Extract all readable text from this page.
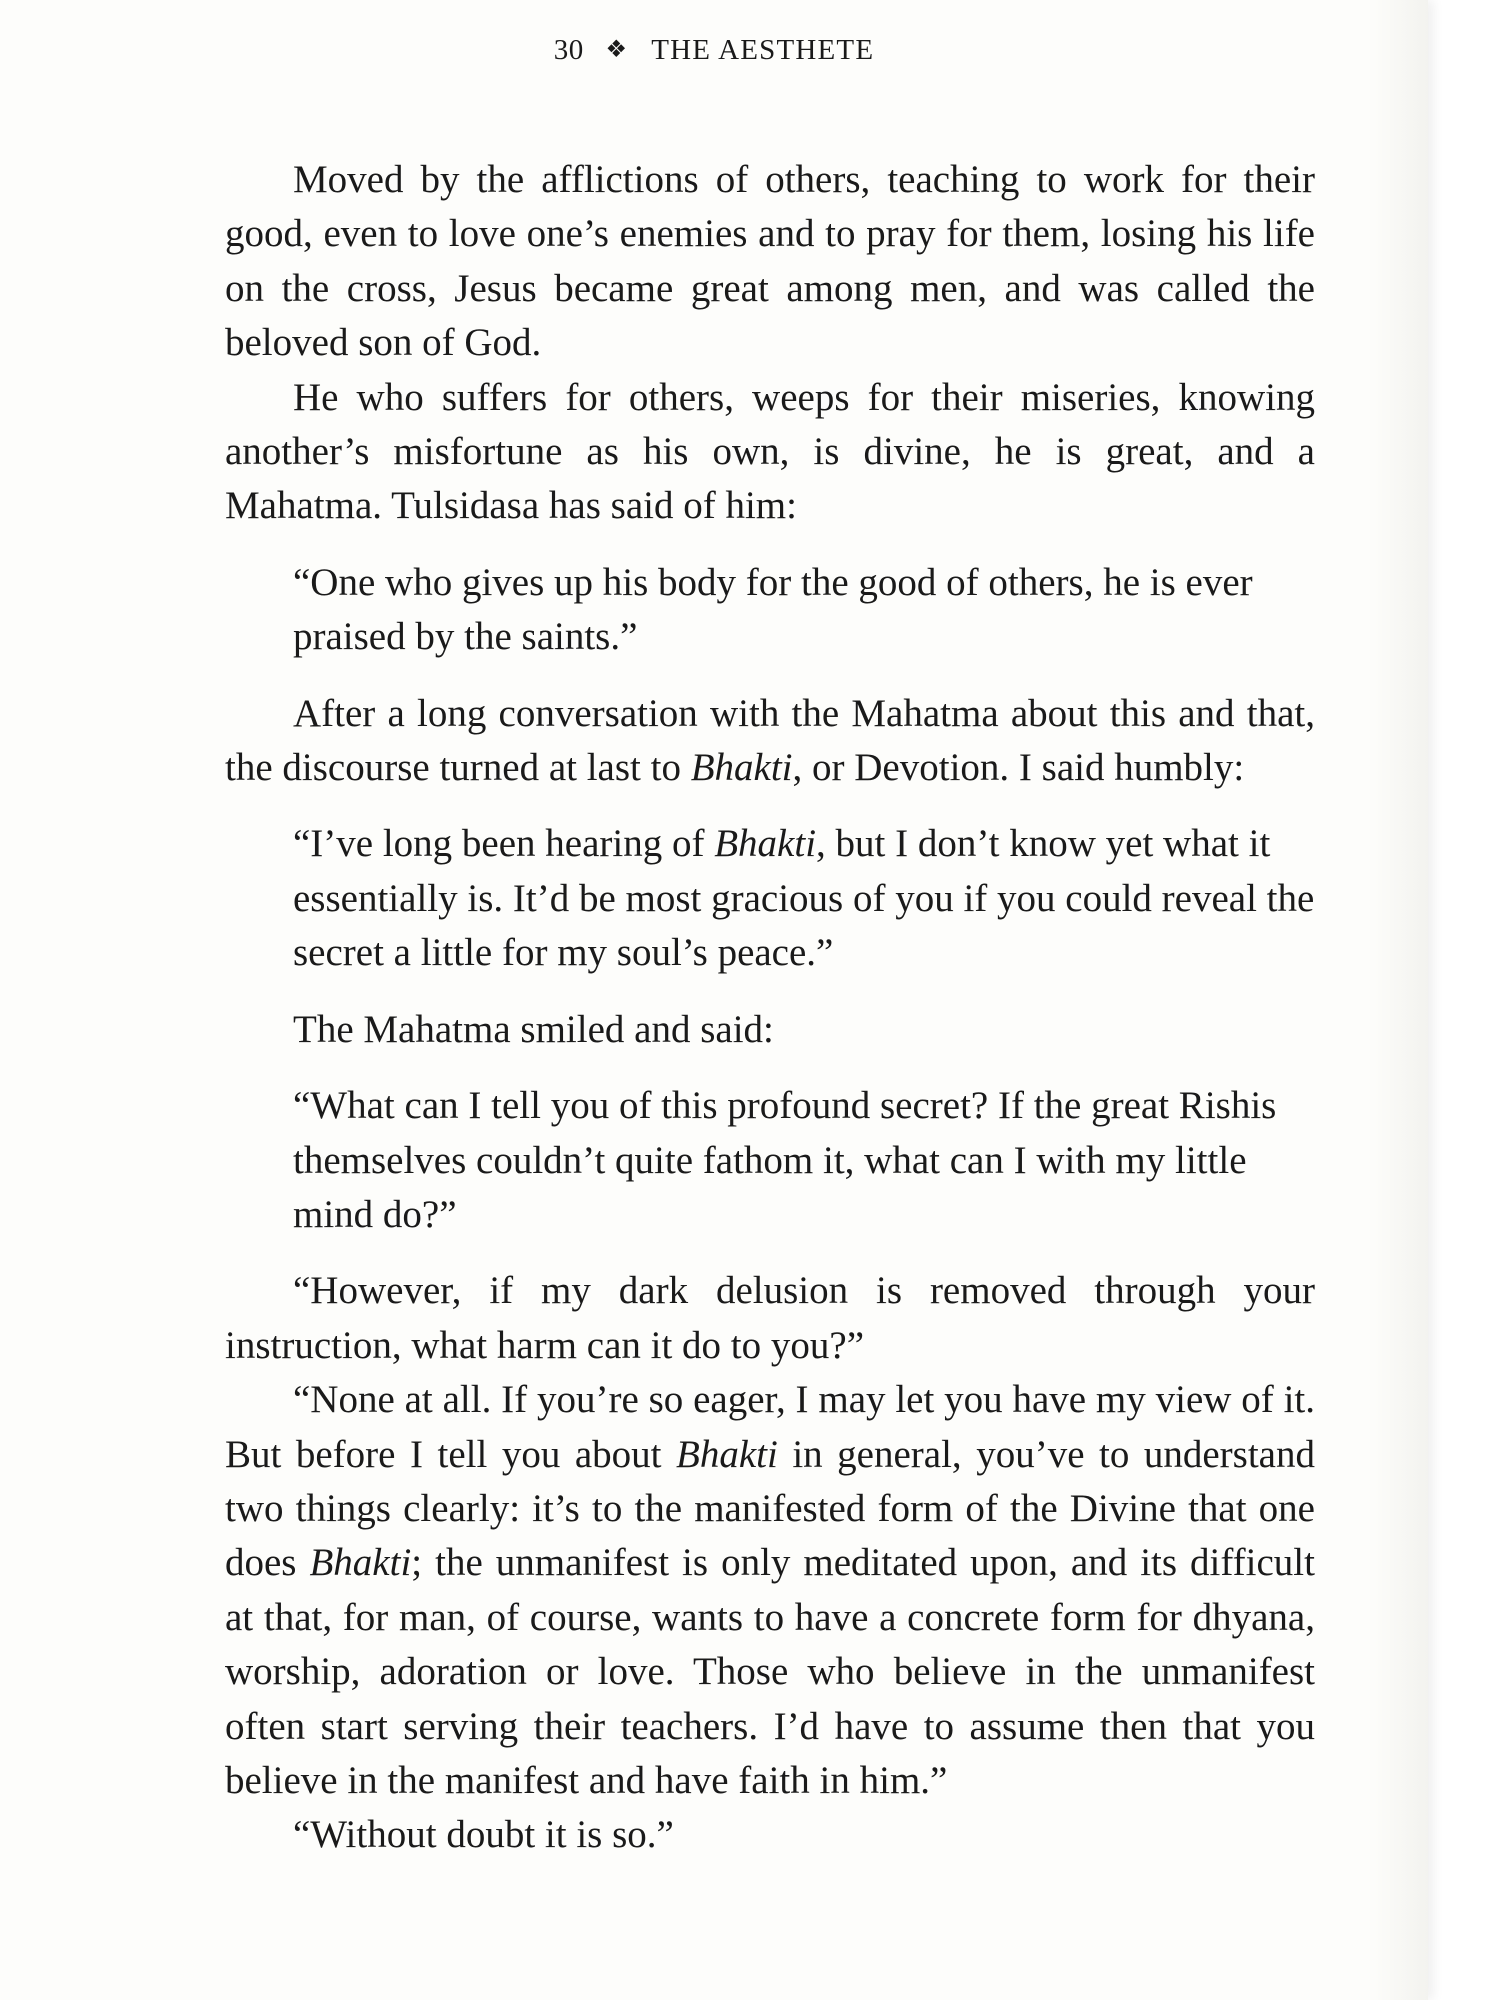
30 ❖ THE AESTHETE

Moved by the afflictions of others, teaching to work for their good, even to love one’s enemies and to pray for them, losing his life on the cross, Jesus became great among men, and was called the beloved son of God.

He who suffers for others, weeps for their miseries, knowing another’s misfortune as his own, is divine, he is great, and a Mahatma. Tulsidasa has said of him:

“One who gives up his body for the good of others, he is ever praised by the saints.”

After a long conversation with the Mahatma about this and that, the discourse turned at last to Bhakti, or Devotion. I said humbly:

“I’ve long been hearing of Bhakti, but I don’t know yet what it essentially is. It’d be most gracious of you if you could reveal the secret a little for my soul’s peace.”

The Mahatma smiled and said:

“What can I tell you of this profound secret? If the great Rishis themselves couldn’t quite fathom it, what can I with my little mind do?”

“However, if my dark delusion is removed through your instruction, what harm can it do to you?”

“None at all. If you’re so eager, I may let you have my view of it. But before I tell you about Bhakti in general, you’ve to understand two things clearly: it’s to the manifested form of the Divine that one does Bhakti; the unmanifest is only meditated upon, and its difficult at that, for man, of course, wants to have a concrete form for dhyana, worship, adoration or love. Those who believe in the unmanifest often start serving their teachers. I’d have to assume then that you believe in the manifest and have faith in him.”

“Without doubt it is so.”
